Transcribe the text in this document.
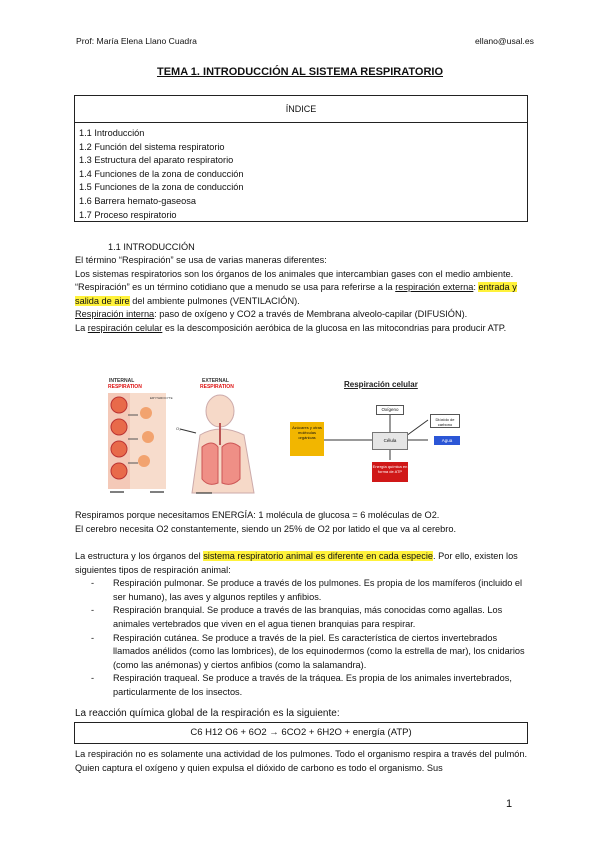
Prof: María Elena Llano Cuadra	ellano@usal.es
TEMA 1. INTRODUCCIÓN AL SISTEMA RESPIRATORIO
ÍNDICE
1.1 Introducción
1.2 Función del sistema respiratorio
1.3 Estructura del aparato respiratorio
1.4 Funciones de la zona de conducción
1.5 Funciones de la zona de conducción
1.6 Barrera hemato-gaseosa
1.7 Proceso respiratorio
1.1 INTRODUCCIÓN
El término “Respiración” se usa de varias maneras diferentes:
Los sistemas respiratorios son los órganos de los animales que intercambian gases con el medio ambiente.
“Respiración” es un término cotidiano que a menudo se usa para referirse a la respiración externa: entrada y salida de aire del ambiente pulmones (VENTILACIÓN).
Respiración interna: paso de oxígeno y CO2 a través de Membrana alveolo-capilar (DIFUSIÓN).
La respiración celular es la descomposición aeróbica de la glucosa en las mitocondrias para producir ATP.
INTERNAL
RESPIRATION
ERYTHROCYTE
EXTERNAL
RESPIRATION
O₂
Respiración celular
Oxígeno
Azúcares y otras moléculas orgánicas
Célula
Dióxido de carbono
Agua
Energía química en forma de ATP
Respiramos porque necesitamos ENERGÍA: 1 molécula de glucosa = 6 moléculas de O2.
El cerebro necesita O2 constantemente, siendo un 25% de O2 por latido el que va al cerebro.
La estructura y los órganos del sistema respiratorio animal es diferente en cada especie. Por ello, existen los siguientes tipos de respiración animal:
- Respiración pulmonar. Se produce a través de los pulmones. Es propia de los mamíferos (incluido el ser humano), las aves y algunos reptiles y anfibios.
- Respiración branquial. Se produce a través de las branquias, más conocidas como agallas. Los animales vertebrados que viven en el agua tienen branquias para respirar.
- Respiración cutánea. Se produce a través de la piel. Es característica de ciertos invertebrados llamados anélidos (como las lombrices), de los equinodermos (como la estrella de mar), los cnidarios (como las anémonas) y ciertos anfibios (como la salamandra).
- Respiración traqueal. Se produce a través de la tráquea. Es propia de los animales invertebrados, particularmente de los insectos.
La reacción química global de la respiración es la siguiente:
C6 H12 O6 + 6O2 → 6CO2 + 6H2O + energía (ATP)
La respiración no es solamente una actividad de los pulmones. Todo el organismo respira a través del pulmón. Quien captura el oxígeno y quien expulsa el dióxido de carbono es todo el organismo. Sus
1
